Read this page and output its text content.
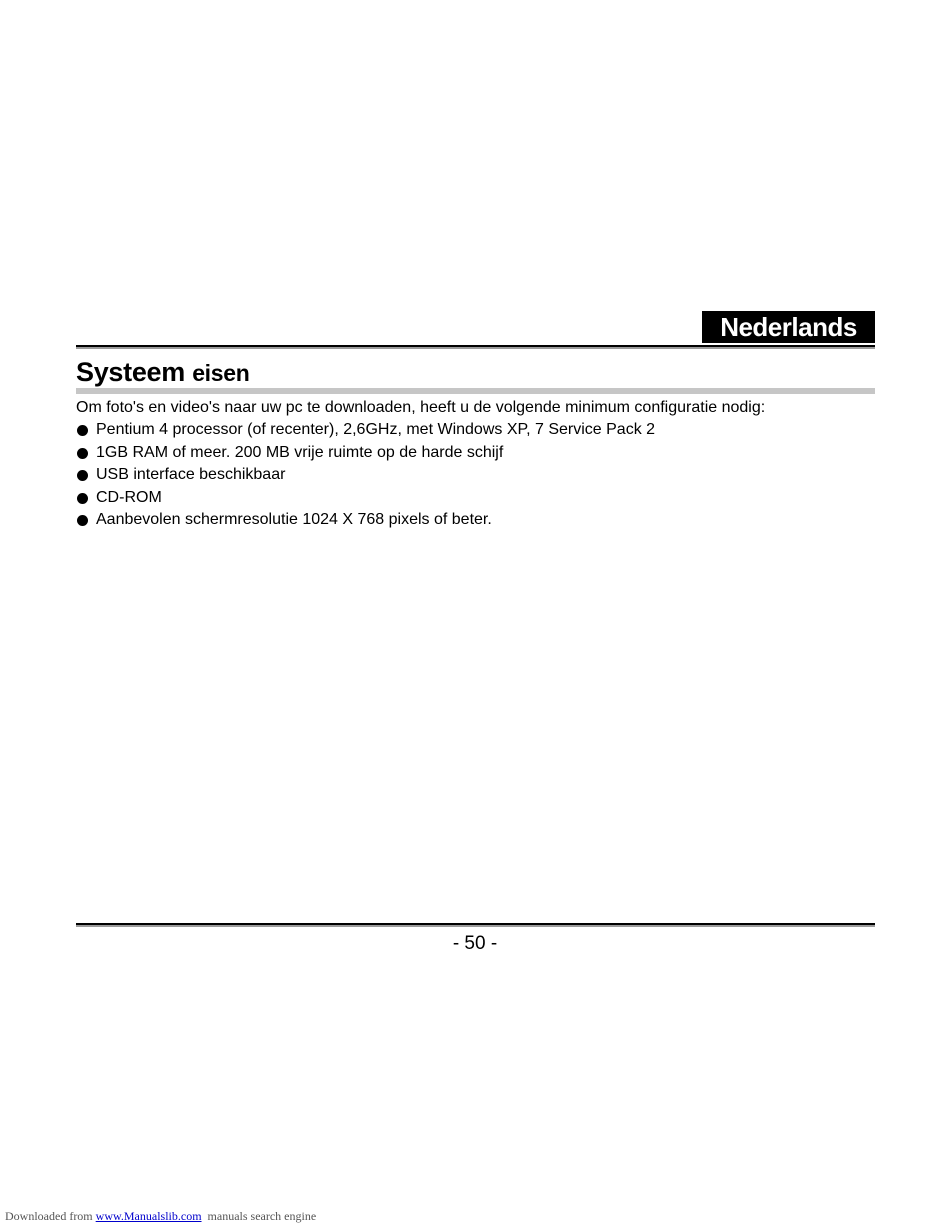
Nederlands
Systeem eisen
Om foto's en video's naar uw pc te downloaden, heeft u de volgende minimum configuratie nodig:
Pentium 4 processor (of recenter), 2,6GHz, met Windows XP, 7 Service Pack 2
1GB RAM of meer. 200 MB vrije ruimte op de harde schijf
USB interface beschikbaar
CD-ROM
Aanbevolen schermresolutie 1024 X 768 pixels of beter.
- 50 -
Downloaded from www.Manualslib.com manuals search engine
